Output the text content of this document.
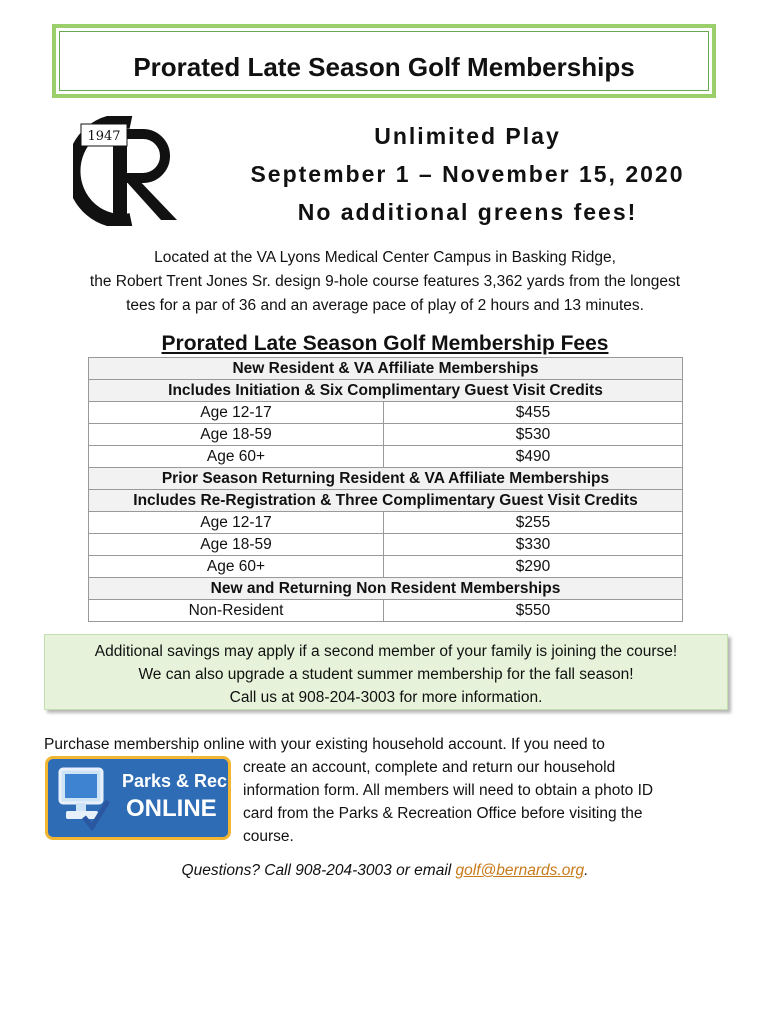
Prorated Late Season Golf Memberships
1947	Unlimited Play
September 1 – November 15, 2020
No additional greens fees!
Located at the VA Lyons Medical Center Campus in Basking Ridge,
the Robert Trent Jones Sr. design 9-hole course features 3,362 yards from the longest
tees for a par of 36 and an average pace of play of 2 hours and 13 minutes.
Prorated Late Season Golf Membership Fees
New Resident & VA Affiliate Memberships	
Includes Initiation & Six Complimentary Guest Visit Credits	
Age 12-17	$455
Age 18-59	$530
Age 60+	$490
Prior Season Returning Resident & VA Affiliate Memberships	
Includes Re-Registration & Three Complimentary Guest Visit Credits	
Age 12-17	$255
Age 18-59	$330
Age 60+	$290
New and Returning Non Resident Memberships	
Non-Resident	$550
Additional savings may apply if a second member of your family is joining the course!
We can also upgrade a student summer membership for the fall season!
Call us at 908-204-3003 for more information.
Purchase membership online with your existing household account. If you need to
Parks & Rec
ONLINE
create an account, complete and return our household
information form. All members will need to obtain a photo ID
card from the Parks & Recreation Office before visiting the
course.
Questions? Call 908-204-3003 or email golf@bernards.org.
